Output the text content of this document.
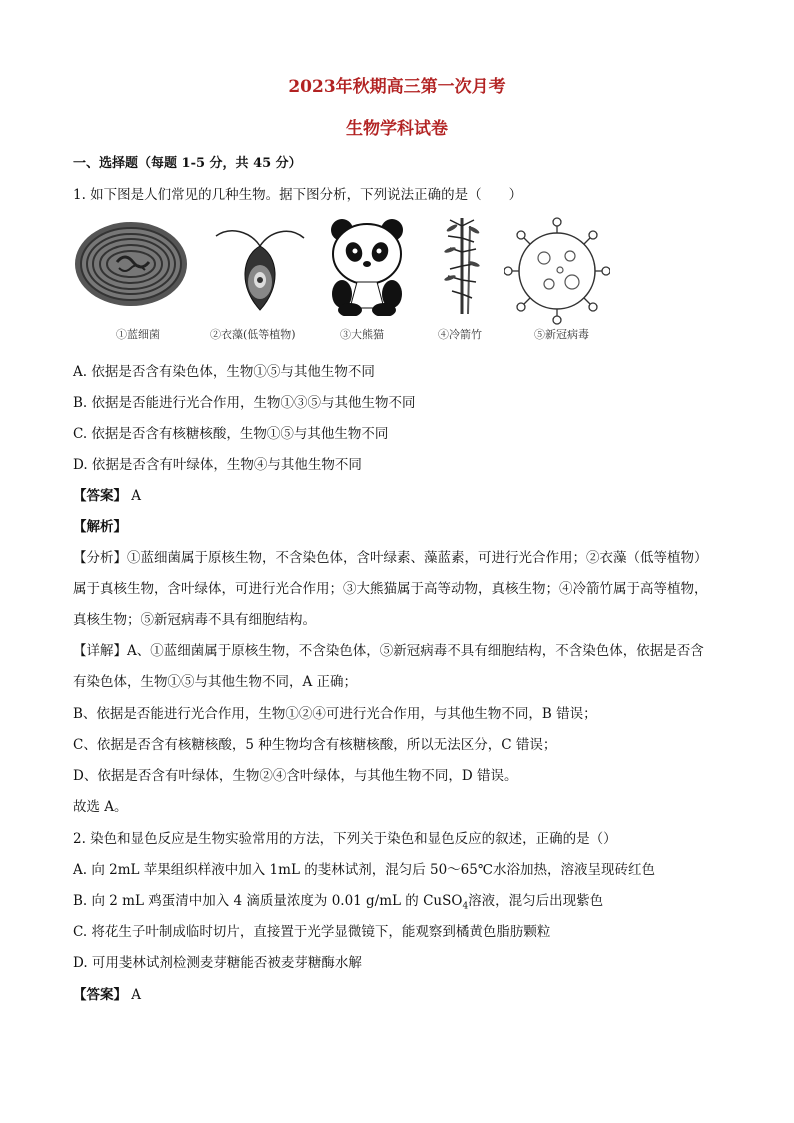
2023年秋期高三第一次月考
生物学科试卷
一、选择题（每题 1-5 分，共 45 分）
1. 如下图是人们常见的几种生物。据下图分析，下列说法正确的是（　　）
①蓝细菌	②衣藻(低等植物)	③大熊猫	④冷箭竹	⑤新冠病毒
A. 依据是否含有染色体，生物①⑤与其他生物不同
B. 依据是否能进行光合作用，生物①③⑤与其他生物不同
C. 依据是否含有核糖核酸，生物①⑤与其他生物不同
D. 依据是否含有叶绿体，生物④与其他生物不同
【答案】 A
【解析】
【分析】①蓝细菌属于原核生物，不含染色体，含叶绿素、藻蓝素，可进行光合作用；②衣藻（低等植物）
属于真核生物，含叶绿体，可进行光合作用；③大熊猫属于高等动物，真核生物；④冷箭竹属于高等植物，
真核生物；⑤新冠病毒不具有细胞结构。
【详解】A、①蓝细菌属于原核生物，不含染色体，⑤新冠病毒不具有细胞结构，不含染色体，依据是否含
有染色体，生物①⑤与其他生物不同，A 正确；
B、依据是否能进行光合作用，生物①②④可进行光合作用，与其他生物不同，B 错误；
C、依据是否含有核糖核酸，5 种生物均含有核糖核酸，所以无法区分，C 错误；
D、依据是否含有叶绿体，生物②④含叶绿体，与其他生物不同，D 错误。
故选 A。
2. 染色和显色反应是生物实验常用的方法，下列关于染色和显色反应的叙述，正确的是（）
A. 向 2mL 苹果组织样液中加入 1mL 的斐林试剂，混匀后 50～65℃水浴加热，溶液呈现砖红色
B. 向 2 mL 鸡蛋清中加入 4 滴质量浓度为 0.01 g/mL 的 CuSO$_4$溶液，混匀后出现紫色
C. 将花生子叶制成临时切片，直接置于光学显微镜下，能观察到橘黄色脂肪颗粒
D. 可用斐林试剂检测麦芽糖能否被麦芽糖酶水解
【答案】 A
